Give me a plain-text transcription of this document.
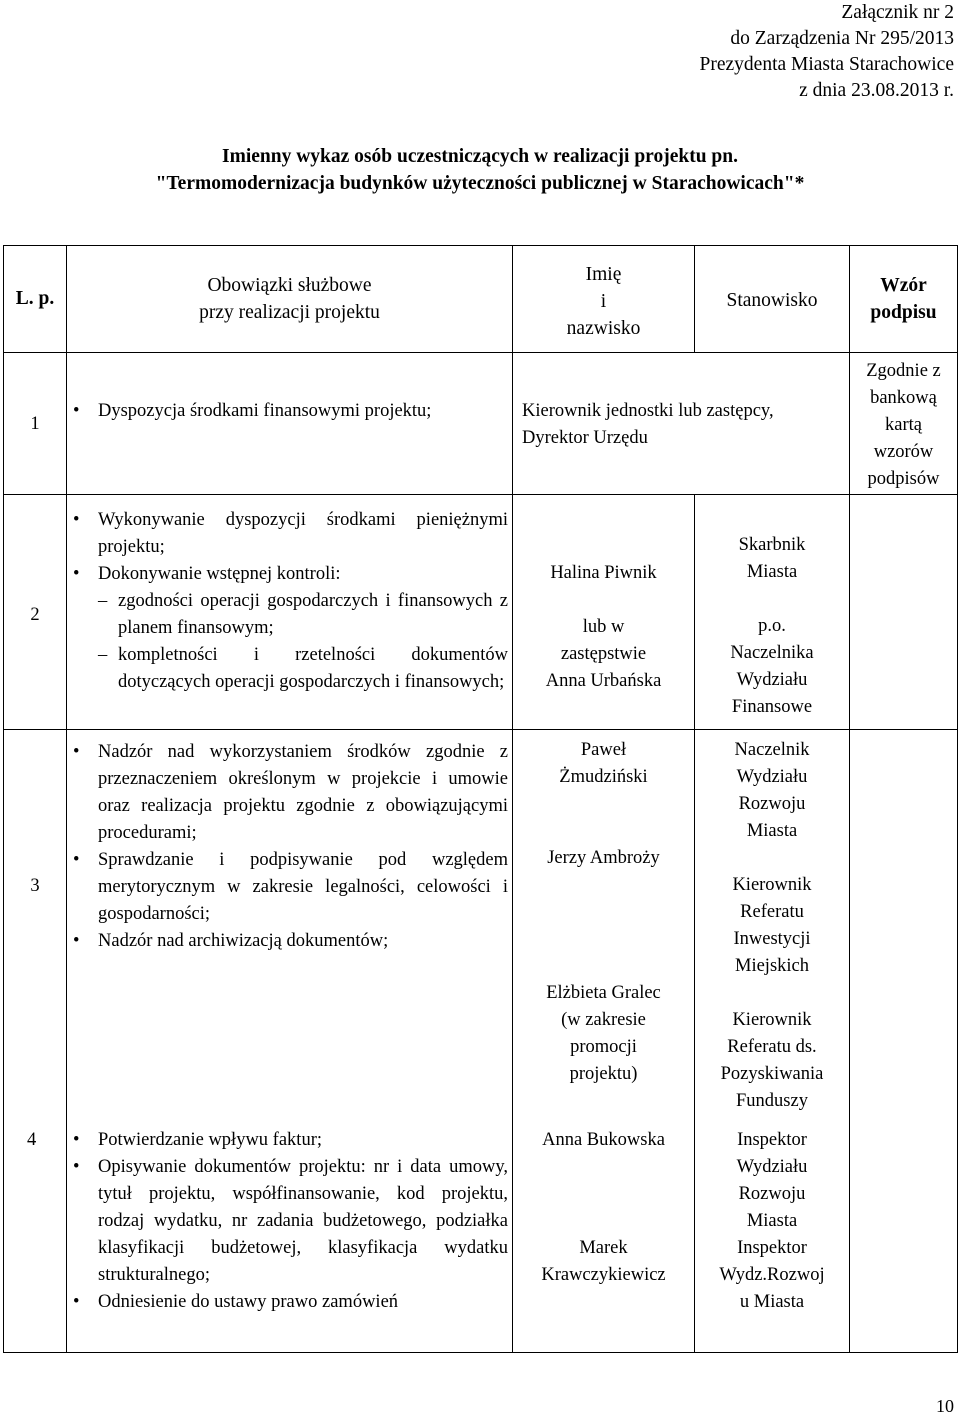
Załącznik nr 2
do Zarządzenia Nr 295/2013
Prezydenta Miasta Starachowice
z dnia 23.08.2013 r.
Imienny wykaz osób uczestniczących w realizacji projektu pn.
"Termomodernizacja budynków użyteczności publicznej w Starachowicach"*
L. p.
Obowiązki służbowe
przy realizacji projektu
Imię
i
nazwisko
Stanowisko
Wzór
podpisu
1
• Dyspozycja środkami finansowymi projektu;	Kierownik jednostki lub zastępcy,
Dyrektor Urzędu
Zgodnie z
bankową
kartą
wzorów
podpisów
2
• Wykonywanie dyspozycji środkami pieniężnymi projektu;
• Dokonywanie wstępnej kontroli:
– zgodności operacji gospodarczych i finansowych z planem finansowym;
– kompletności i rzetelności dokumentów dotyczących operacji gospodarczych i finansowych;
Halina Piwnik
lub w
zastępstwie
Anna Urbańska
Skarbnik
Miasta
p.o.
Naczelnika
Wydziału
Finansowe
3
• Nadzór nad wykorzystaniem środków zgodnie z przeznaczeniem określonym w projekcie i umowie oraz realizacja projektu zgodnie z obowiązującymi procedurami;
• Sprawdzanie i podpisywanie pod względem merytorycznym w zakresie legalności, celowości i gospodarności;
• Nadzór nad archiwizacją dokumentów;
Paweł
Żmudziński
Jerzy Ambroży
Elżbieta Gralec
(w zakresie
promocji
projektu)
Naczelnik
Wydziału
Rozwoju
Miasta
Kierownik
Referatu
Inwestycji
Miejskich
Kierownik
Referatu ds.
Pozyskiwania
Funduszy
4
•	Potwierdzanie wpływu faktur;
• Opisywanie dokumentów projektu: nr i data umowy, tytuł projektu, współfinansowanie, kod projektu, rodzaj wydatku, nr zadania budżetowego, podziałka klasyfikacji budżetowej, klasyfikacja wydatku strukturalnego;
• Odniesienie do ustawy prawo zamówień
Anna Bukowska
Marek
Krawczykiewicz
Inspektor
Wydziału
Rozwoju
Miasta
Inspektor
Wydz.Rozwoj
u Miasta
10
